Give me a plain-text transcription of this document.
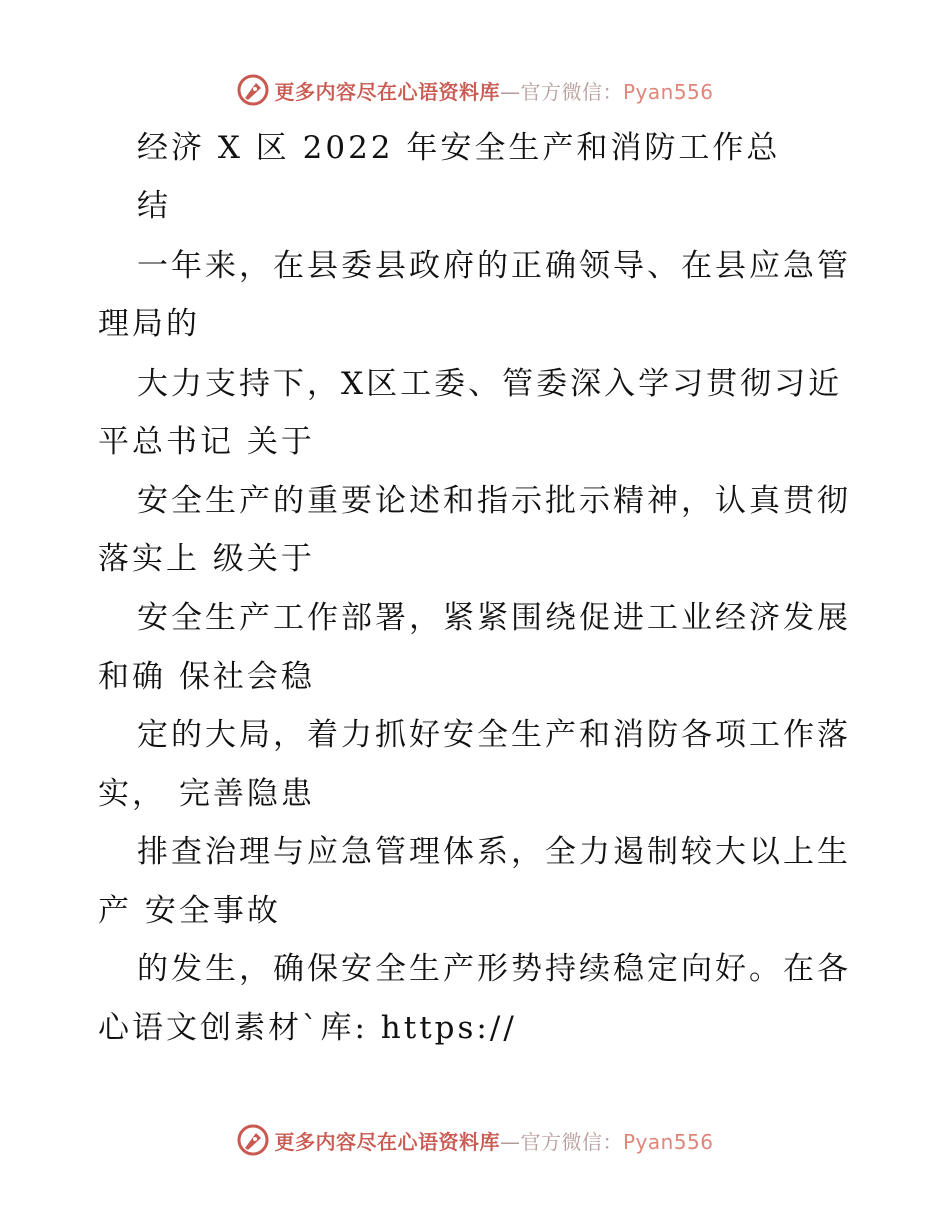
更多内容尽在心语资料库—官方微信：Pyan556
经济 X 区 2022 年安全生产和消防工作总
结
一年来，在县委县政府的正确领导、在县应急管
理局的
大力支持下，X区工委、管委深入学习贯彻习近
平总书记 关于
安全生产的重要论述和指示批示精神，认真贯彻
落实上 级关于
安全生产工作部署，紧紧围绕促进工业经济发展
和确 保社会稳
定的大局，着力抓好安全生产和消防各项工作落
实， 完善隐患
排查治理与应急管理体系，全力遏制较大以上生
产 安全事故
的发生，确保安全生产形势持续稳定向好。在各
心语文创素材`库: https://
更多内容尽在心语资料库—官方微信：Pyan556
